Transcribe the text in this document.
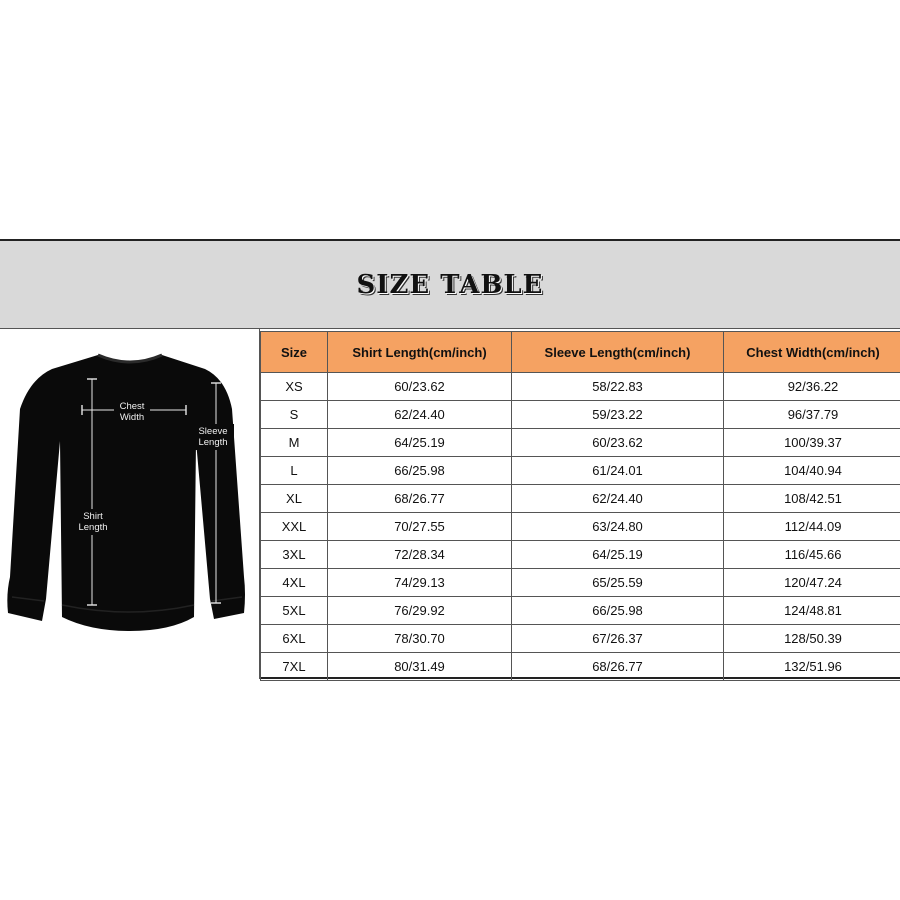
SIZE TABLE
Chest
Width
Shirt
Length
Sleeve
Length
Size	Shirt Length(cm/inch)	Sleeve Length(cm/inch)	Chest Width(cm/inch)
XS	60/23.62	58/22.83	92/36.22
S	62/24.40	59/23.22	96/37.79
M	64/25.19	60/23.62	100/39.37
L	66/25.98	61/24.01	104/40.94
XL	68/26.77	62/24.40	108/42.51
XXL	70/27.55	63/24.80	112/44.09
3XL	72/28.34	64/25.19	116/45.66
4XL	74/29.13	65/25.59	120/47.24
5XL	76/29.92	66/25.98	124/48.81
6XL	78/30.70	67/26.37	128/50.39
7XL	80/31.49	68/26.77	132/51.96
